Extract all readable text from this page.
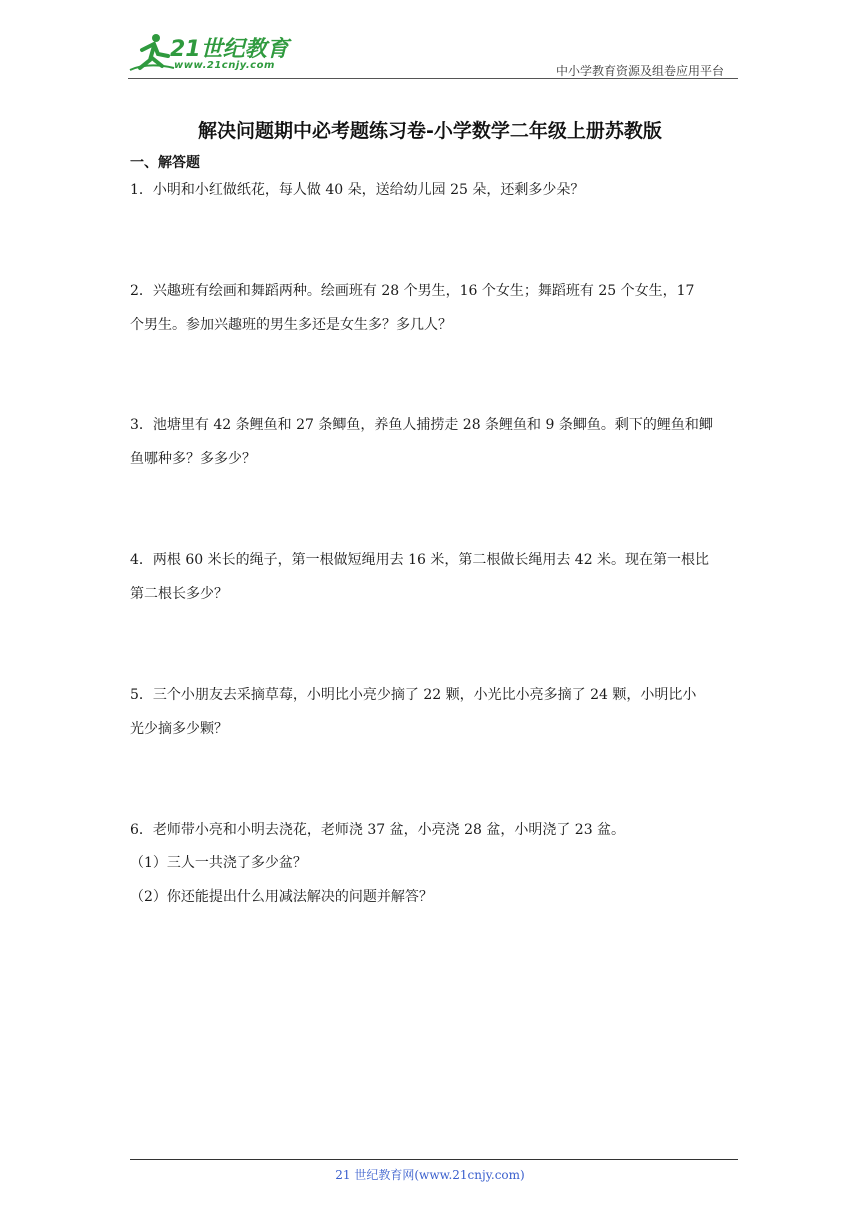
21世纪教育
www.21cnjy.com	中小学教育资源及组卷应用平台
解决问题期中必考题练习卷-小学数学二年级上册苏教版
一、解答题
1．小明和小红做纸花，每人做 40 朵，送给幼儿园 25 朵，还剩多少朵？
2．兴趣班有绘画和舞蹈两种。绘画班有 28 个男生，16 个女生；舞蹈班有 25 个女生，17
个男生。参加兴趣班的男生多还是女生多？多几人？
3．池塘里有 42 条鲤鱼和 27 条鲫鱼，养鱼人捕捞走 28 条鲤鱼和 9 条鲫鱼。剩下的鲤鱼和鲫
鱼哪种多？多多少？
4．两根 60 米长的绳子，第一根做短绳用去 16 米，第二根做长绳用去 42 米。现在第一根比
第二根长多少？
5．三个小朋友去采摘草莓，小明比小亮少摘了 22 颗，小光比小亮多摘了 24 颗，小明比小
光少摘多少颗？
6．老师带小亮和小明去浇花，老师浇 37 盆，小亮浇 28 盆，小明浇了 23 盆。
（1）三人一共浇了多少盆？
（2）你还能提出什么用减法解决的问题并解答？
21 世纪教育网(www.21cnjy.com)
